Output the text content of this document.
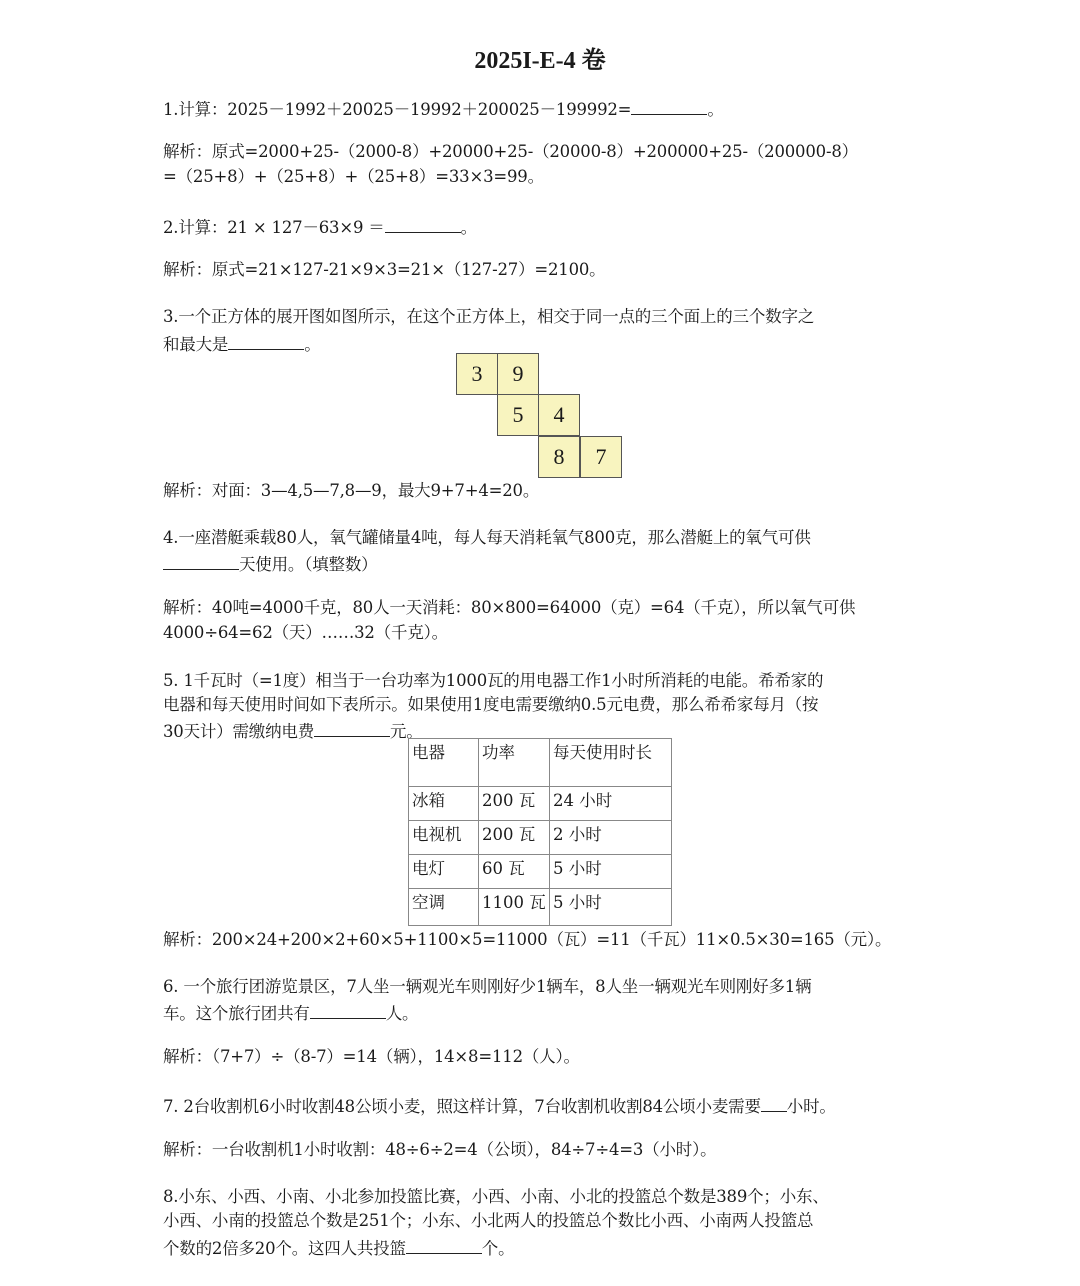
2025I-E-4 卷
1.计算：2025－1992＋20025－19992＋200025－199992=	。
解析：原式=2000+25-（2000-8）+20000+25-（20000-8）+200000+25-（200000-8）
=（25+8）+（25+8）+（25+8）=33×3=99。
2.计算：21 × 127－63×9 ＝	。
解析：原式=21×127-21×9×3=21×（127-27）=2100。
3.一个正方体的展开图如图所示，在这个正方体上，相交于同一点的三个面上的三个数字之
和最大是	。
3	9
5	4
8	7
解析：对面：3—4,5—7,8—9，最大9+7+4=20。
4.一座潜艇乘载80人，氧气罐储量4吨，每人每天消耗氧气800克，那么潜艇上的氧气可供
天使用。（填整数）
解析：40吨=4000千克，80人一天消耗：80×800=64000（克）=64（千克），所以氧气可供
4000÷64=62（天）……32（千克）。
5. 1千瓦时（=1度）相当于一台功率为1000瓦的用电器工作1小时所消耗的电能。希希家的
电器和每天使用时间如下表所示。如果使用1度电需要缴纳0.5元电费，那么希希家每月（按
30天计）需缴纳电费	元。
电器	功率	每天使用时长
冰箱	200 瓦	24 小时
电视机	200 瓦	2 小时
电灯	60 瓦	5 小时
空调	1100 瓦	5 小时
解析：200×24+200×2+60×5+1100×5=11000（瓦）=11（千瓦）11×0.5×30=165（元）。
6. 一个旅行团游览景区，7人坐一辆观光车则刚好少1辆车，8人坐一辆观光车则刚好多1辆
车。这个旅行团共有	人。
解析：（7+7）÷（8-7）=14（辆），14×8=112（人）。
7. 2台收割机6小时收割48公顷小麦，照这样计算，7台收割机收割84公顷小麦需要 小时。
解析：一台收割机1小时收割：48÷6÷2=4（公顷），84÷7÷4=3（小时）。
8.小东、小西、小南、小北参加投篮比赛，小西、小南、小北的投篮总个数是389个；小东、
小西、小南的投篮总个数是251个；小东、小北两人的投篮总个数比小西、小南两人投篮总
个数的2倍多20个。这四人共投篮	个。
